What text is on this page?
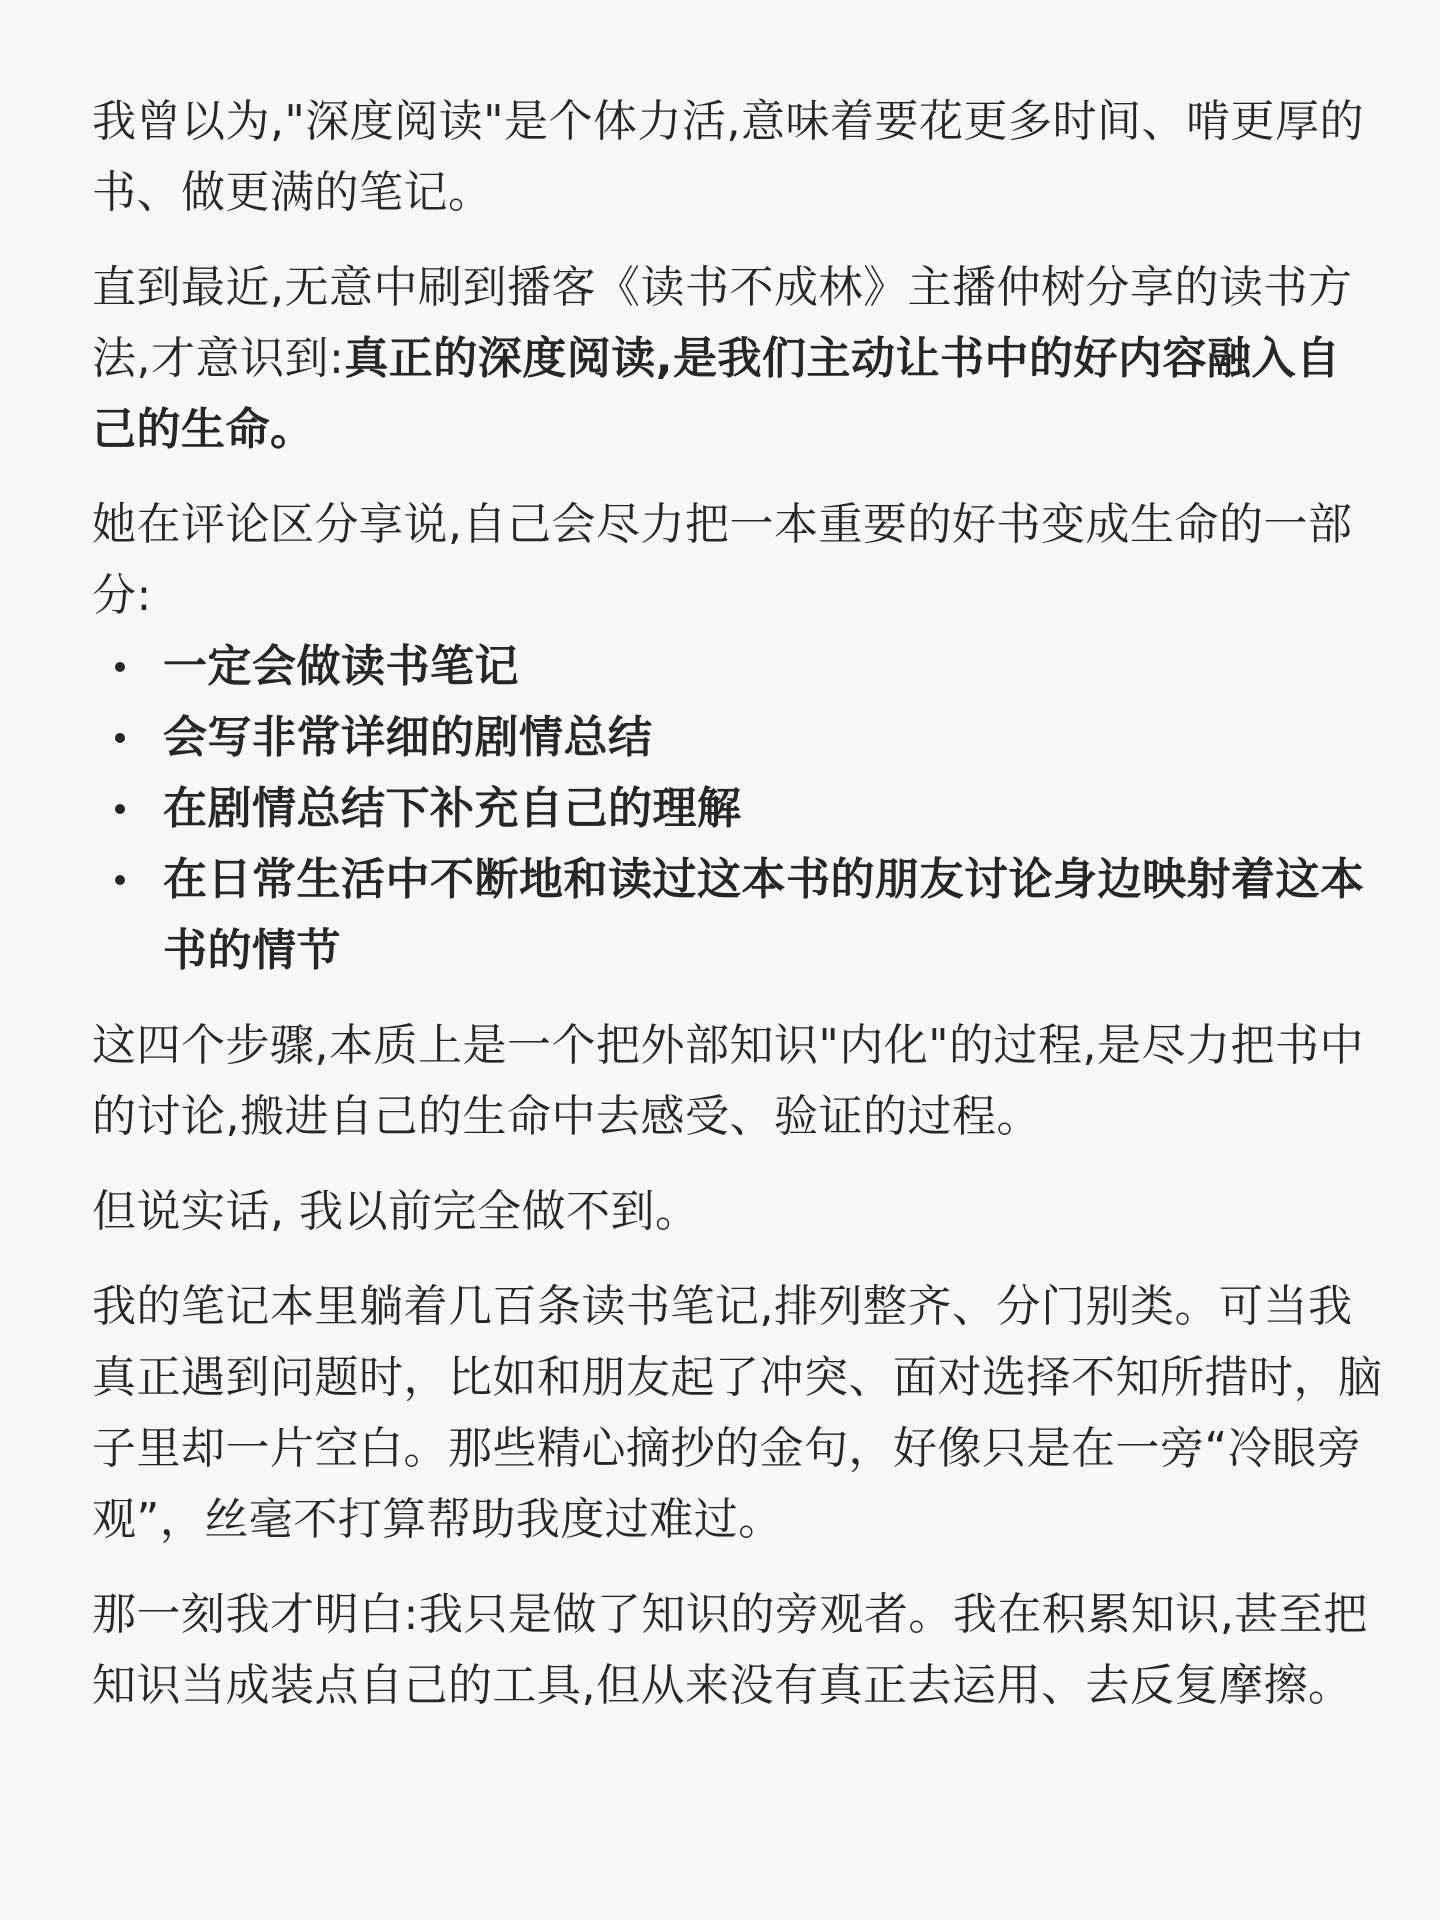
我曾以为,"深度阅读"是个体力活,意味着要花更多时间、啃更厚的书、做更满的笔记。

直到最近,无意中刷到播客《读书不成林》主播仲树分享的读书方法,才意识到:真正的深度阅读,是我们主动让书中的好内容融入自己的生命。

她在评论区分享说,自己会尽力把一本重要的好书变成生命的一部分:

一定会做读书笔记
会写非常详细的剧情总结
在剧情总结下补充自己的理解
在日常生活中不断地和读过这本书的朋友讨论身边映射着这本书的情节

这四个步骤,本质上是一个把外部知识"内化"的过程,是尽力把书中的讨论,搬进自己的生命中去感受、验证的过程。

但说实话, 我以前完全做不到。

我的笔记本里躺着几百条读书笔记,排列整齐、分门别类。可当我真正遇到问题时，比如和朋友起了冲突、面对选择不知所措时，脑子里却一片空白。那些精心摘抄的金句，好像只是在一旁“冷眼旁观”，丝毫不打算帮助我度过难过。

那一刻我才明白:我只是做了知识的旁观者。我在积累知识,甚至把知识当成装点自己的工具,但从来没有真正去运用、去反复摩擦。
